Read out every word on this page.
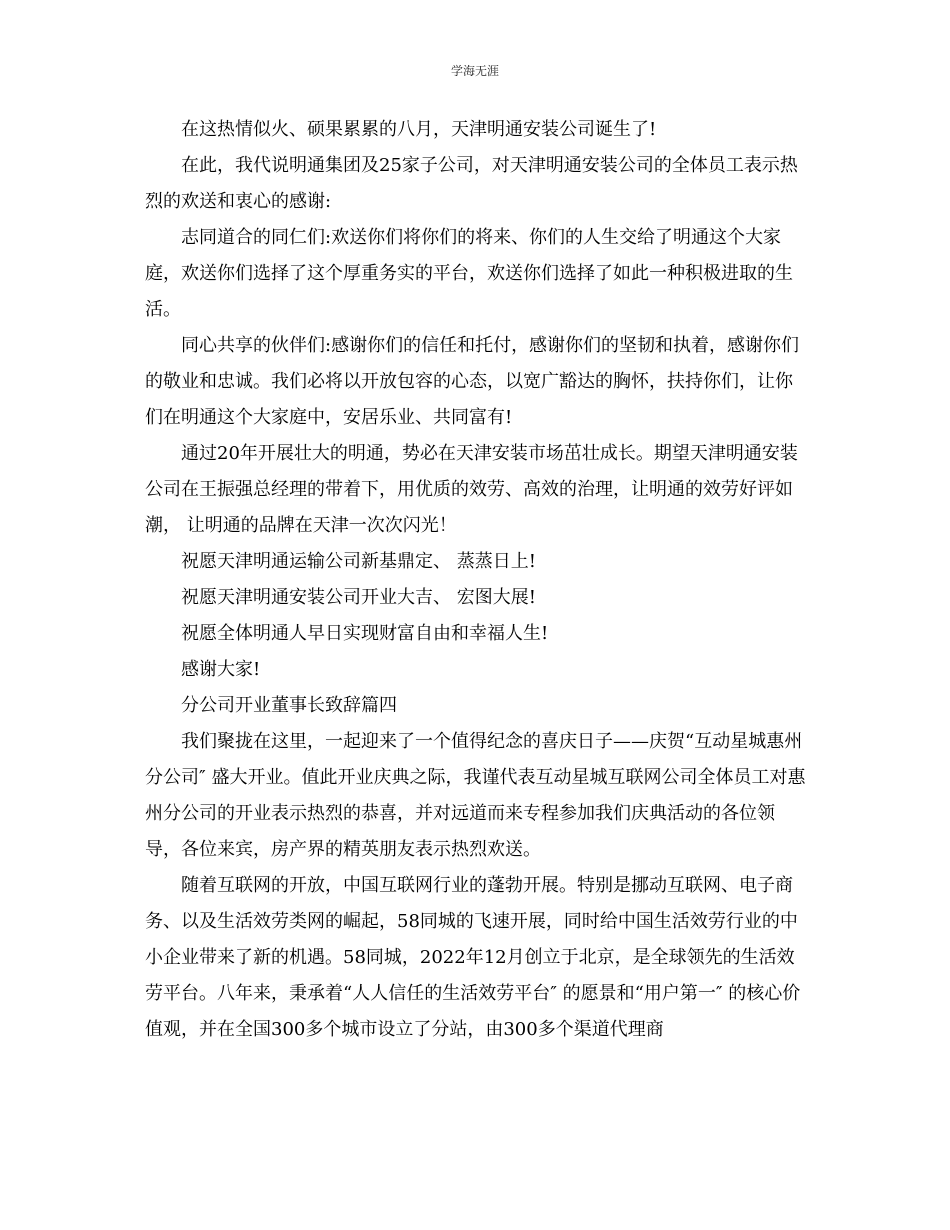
学海无涯

在这热情似火、硕果累累的八月，天津明通安装公司诞生了!

在此，我代说明通集团及25家子公司，对天津明通安装公司的全体员工表示热烈的欢送和衷心的感谢:

志同道合的同仁们:欢送你们将你们的将来、你们的人生交给了明通这个大家庭，欢送你们选择了这个厚重务实的平台，欢送你们选择了如此一种积极进取的生活。

同心共享的伙伴们:感谢你们的信任和托付，感谢你们的坚韧和执着，感谢你们的敬业和忠诚。我们必将以开放包容的心态，以宽广豁达的胸怀，扶持你们，让你们在明通这个大家庭中，安居乐业、共同富有!

通过20年开展壮大的明通，势必在天津安装市场茁壮成长。期望天津明通安装公司在王振强总经理的带着下，用优质的效劳、高效的治理，让明通的效劳好评如潮， 让明通的品牌在天津一次次闪光！

祝愿天津明通运输公司新基鼎定、 蒸蒸日上!

祝愿天津明通安装公司开业大吉、 宏图大展!

祝愿全体明通人早日实现财富自由和幸福人生!

感谢大家!

分公司开业董事长致辞篇四

我们聚拢在这里，一起迎来了一个值得纪念的喜庆日子——庆贺“互动星城惠州分公司″ 盛大开业。值此开业庆典之际，我谨代表互动星城互联网公司全体员工对惠州分公司的开业表示热烈的恭喜，并对远道而来专程参加我们庆典活动的各位领导，各位来宾，房产界的精英朋友表示热烈欢送。

随着互联网的开放，中国互联网行业的蓬勃开展。特别是挪动互联网、电子商务、以及生活效劳类网的崛起，58同城的飞速开展，同时给中国生活效劳行业的中小企业带来了新的机遇。58同城，2022年12月创立于北京，是全球领先的生活效劳平台。八年来，秉承着“人人信任的生活效劳平台″ 的愿景和“用户第一″ 的核心价值观，并在全国300多个城市设立了分站，由300多个渠道代理商
